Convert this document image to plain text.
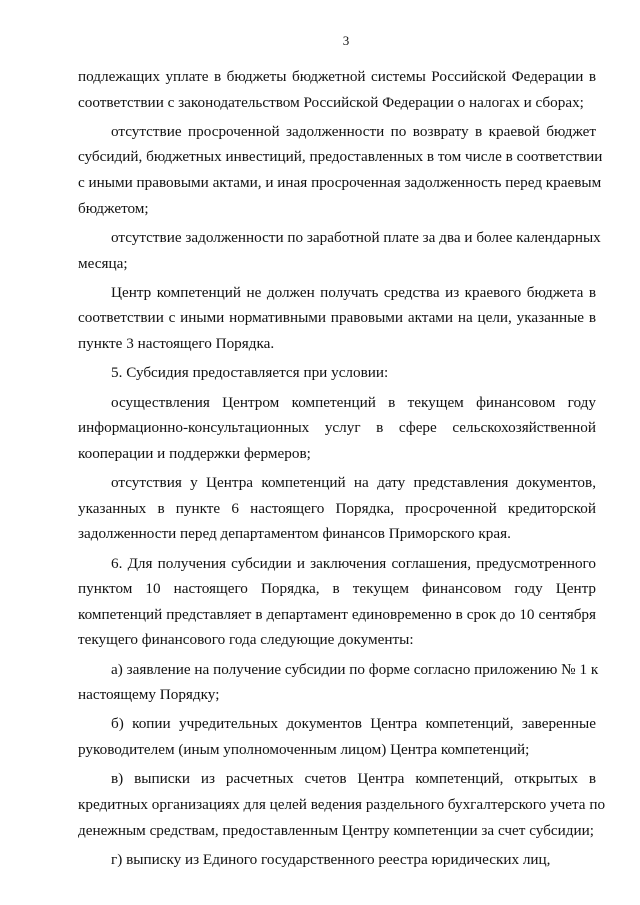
3
подлежащих уплате в бюджеты бюджетной системы Российской Федерации в
соответствии с законодательством Российской Федерации о налогах и сборах;
отсутствие просроченной задолженности по возврату в краевой бюджет
субсидий, бюджетных инвестиций, предоставленных в том числе в соответствии
с иными правовыми актами, и иная просроченная задолженность перед краевым
бюджетом;
отсутствие задолженности по заработной плате за два и более календарных
месяца;
Центр компетенций не должен получать средства из краевого бюджета в
соответствии с иными нормативными правовыми актами на цели, указанные в
пункте 3 настоящего Порядка.
5. Субсидия предоставляется при условии:
осуществления Центром компетенций в текущем финансовом году
информационно-консультационных услуг в сфере сельскохозяйственной
кооперации и поддержки фермеров;
отсутствия у Центра компетенций на дату представления документов,
указанных в пункте 6 настоящего Порядка, просроченной кредиторской
задолженности перед департаментом финансов Приморского края.
6. Для получения субсидии и заключения соглашения, предусмотренного
пунктом 10 настоящего Порядка, в текущем финансовом году Центр
компетенций представляет в департамент единовременно в срок до 10 сентября
текущего финансового года следующие документы:
а) заявление на получение субсидии по форме согласно приложению № 1 к
настоящему Порядку;
б) копии учредительных документов Центра компетенций, заверенные
руководителем (иным уполномоченным лицом) Центра компетенций;
в) выписки из расчетных счетов Центра компетенций, открытых в
кредитных организациях для целей ведения раздельного бухгалтерского учета по
денежным средствам, предоставленным Центру компетенции за счет субсидии;
г) выписку из Единого государственного реестра юридических лиц,
